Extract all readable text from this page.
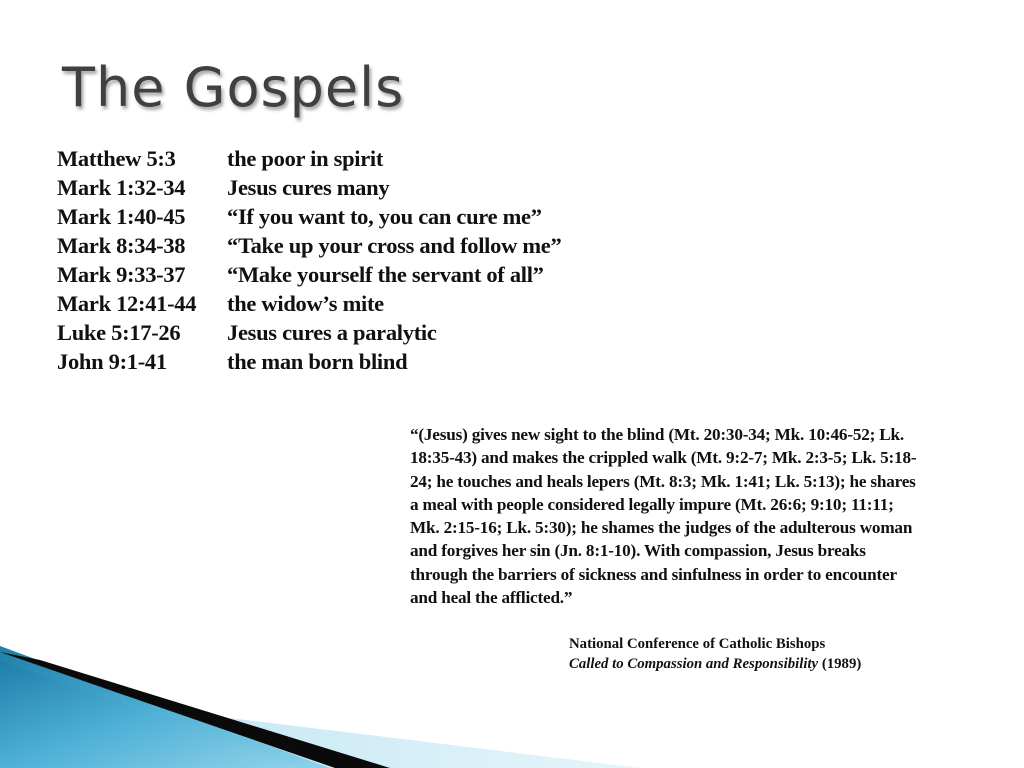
The Gospels
Matthew 5:3	the poor in spirit
Mark 1:32-34	Jesus cures many
Mark 1:40-45	“If you want to, you can cure me”
Mark 8:34-38	“Take up your cross and follow me”
Mark 9:33-37	“Make yourself the servant of all”
Mark 12:41-44	the widow’s mite
Luke 5:17-26	Jesus cures a paralytic
John 9:1-41	the man born blind

“(Jesus) gives new sight to the blind (Mt. 20:30-34; Mk. 10:46-52; Lk. 18:35-43) and makes the crippled walk (Mt. 9:2-7; Mk. 2:3-5; Lk. 5:18-24; he touches and heals lepers (Mt. 8:3; Mk. 1:41; Lk. 5:13); he shares a meal with people considered legally impure (Mt. 26:6; 9:10; 11:11; Mk. 2:15-16; Lk. 5:30); he shames the judges of the adulterous woman and forgives her sin (Jn. 8:1-10). With compassion, Jesus breaks through the barriers of sickness and sinfulness in order to encounter and heal the afflicted.”

National Conference of Catholic Bishops
Called to Compassion and Responsibility (1989)
